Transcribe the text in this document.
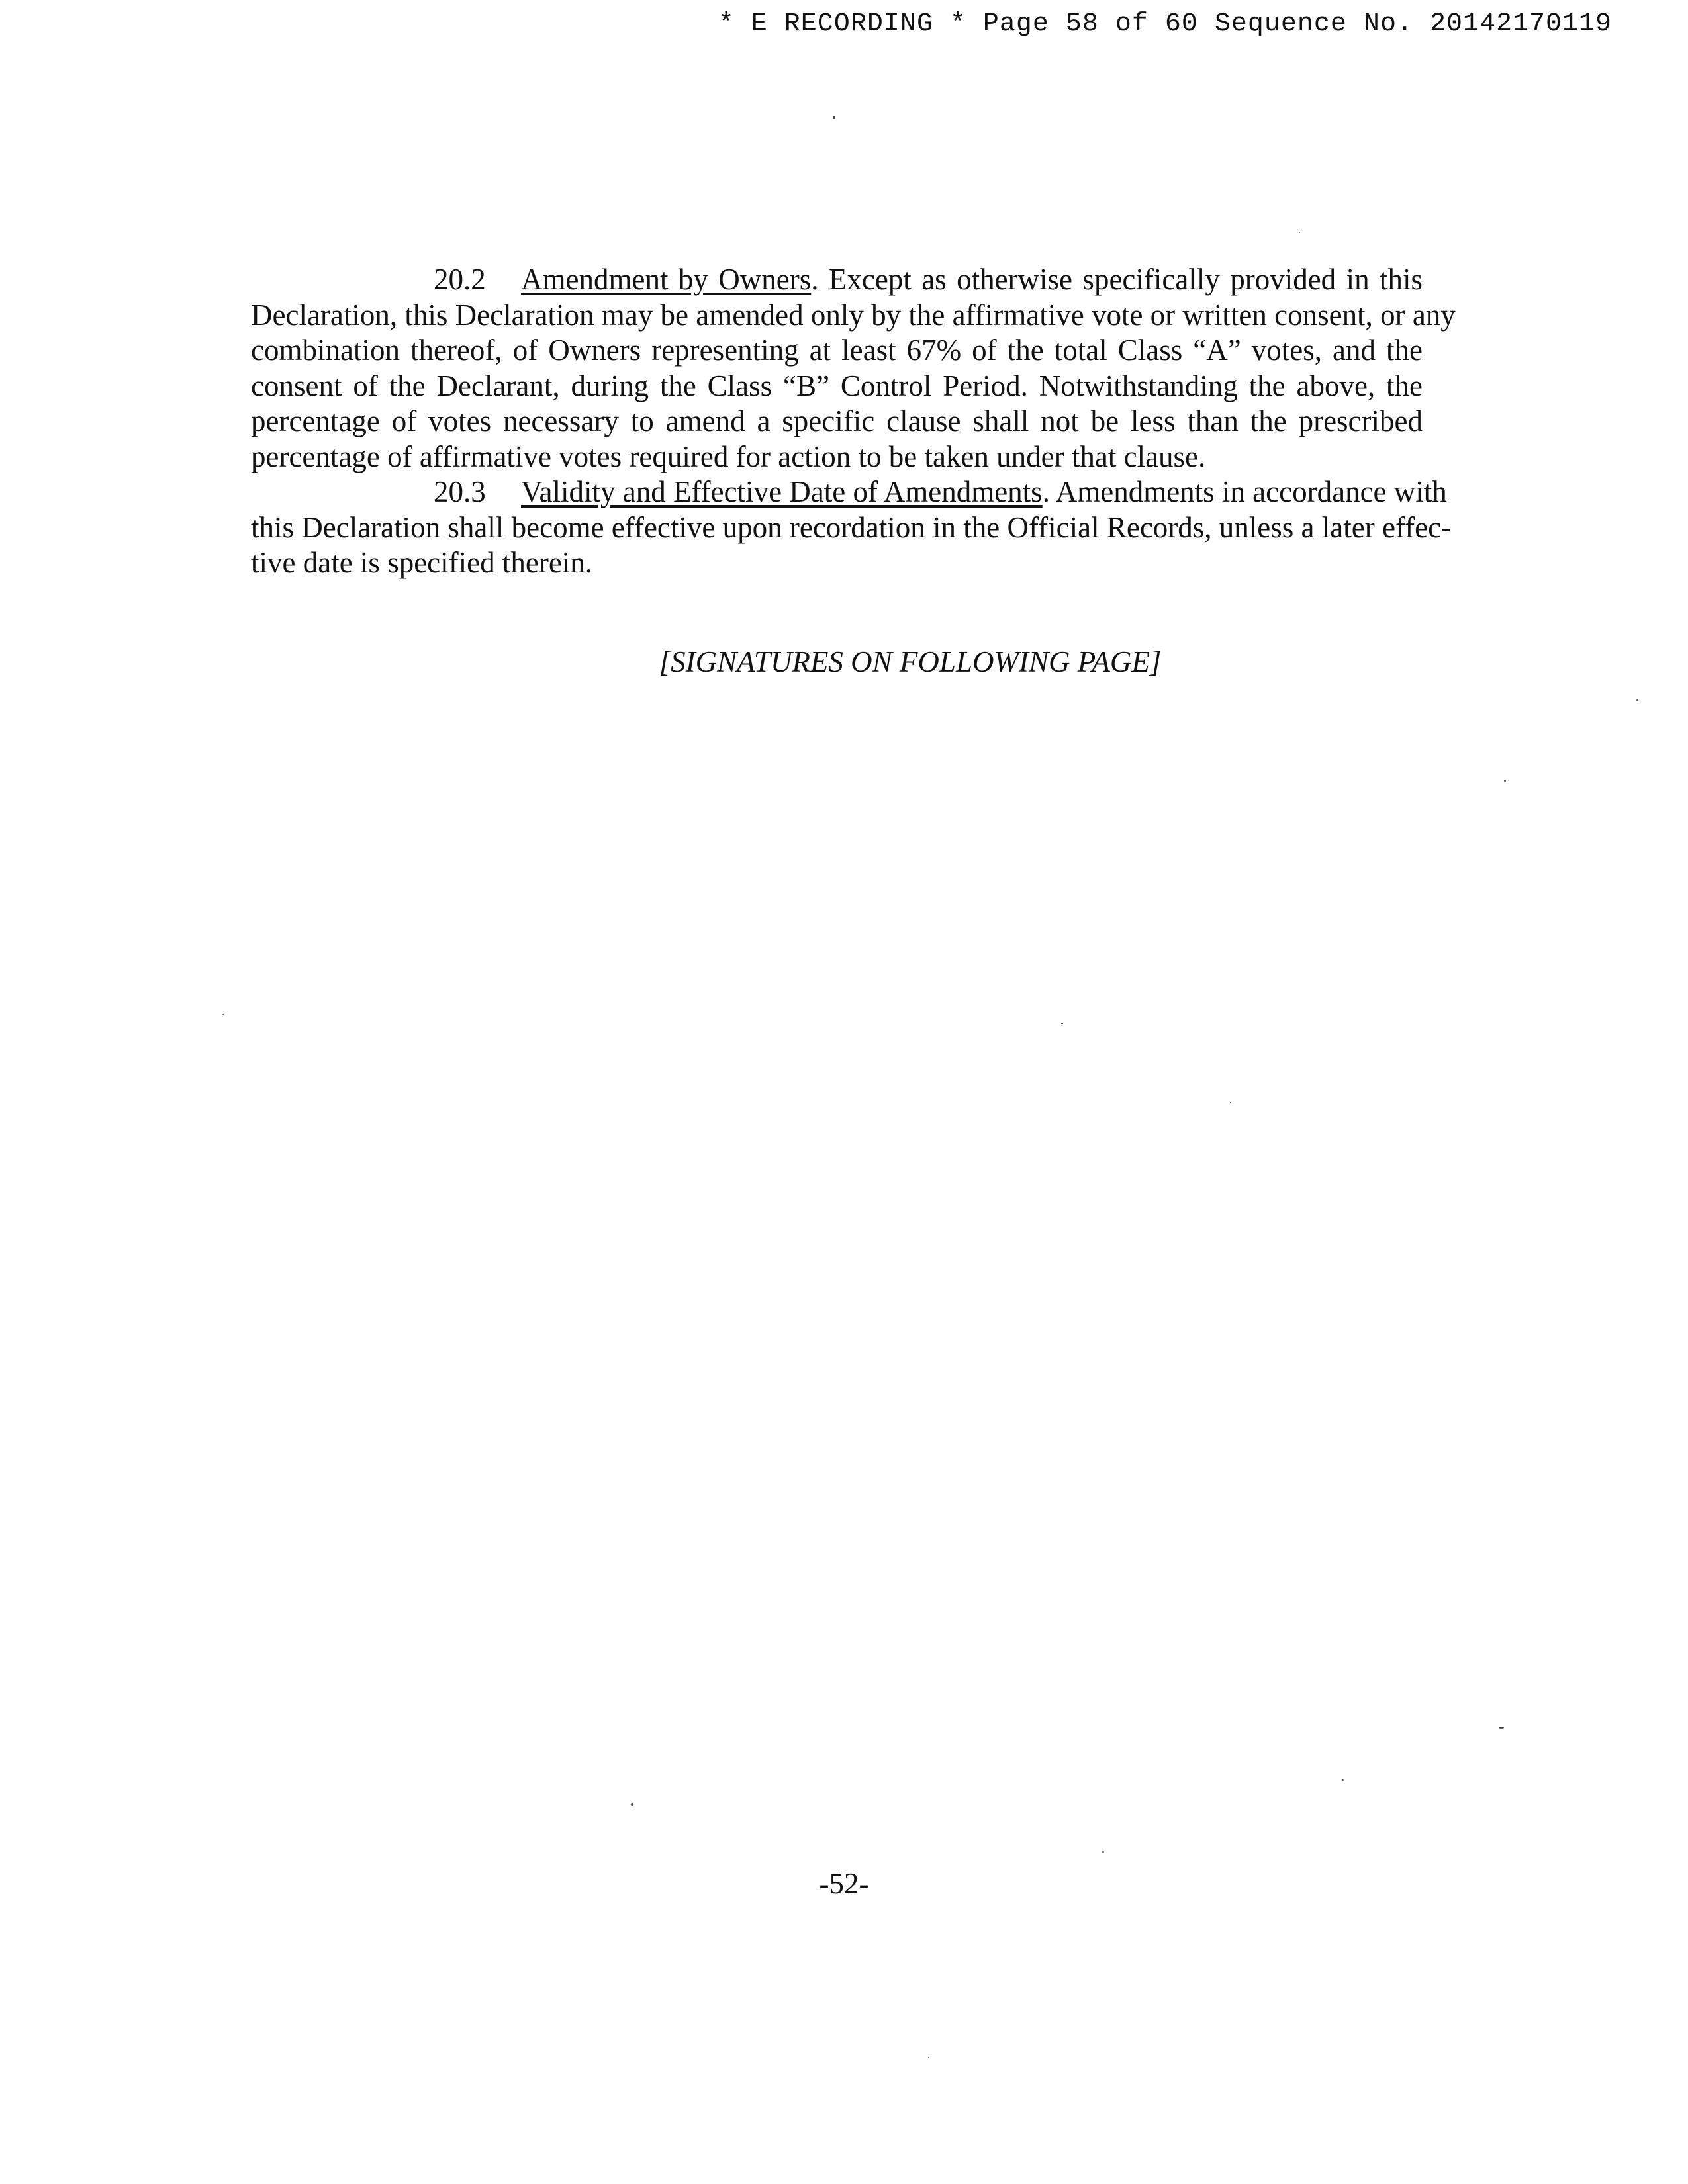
* E RECORDING * Page 58 of 60 Sequence No. 20142170119
20.2 Amendment by Owners. Except as otherwise specifically provided in this
Declaration, this Declaration may be amended only by the affirmative vote or written consent, or any
combination thereof, of Owners representing at least 67% of the total Class “A” votes, and the
consent of the Declarant, during the Class “B” Control Period. Notwithstanding the above, the
percentage of votes necessary to amend a specific clause shall not be less than the prescribed
percentage of affirmative votes required for action to be taken under that clause.
20.3 Validity and Effective Date of Amendments. Amendments in accordance with
this Declaration shall become effective upon recordation in the Official Records, unless a later effec-
tive date is specified therein.
[SIGNATURES ON FOLLOWING PAGE]
-52-
